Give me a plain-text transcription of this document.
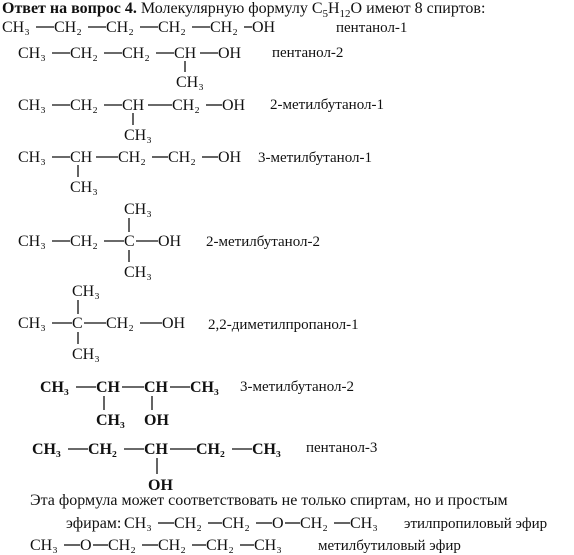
Ответ на вопрос 4. Молекулярную формулу $C_5H_{12}O$ имеют 8 спиртов:
CH₃ CH₂ CH₂ CH₂ CH₂ OH	пентанол-1
CH₃ CH₂ CH₂ CH OH
CH₃
пентанол-2
CH₃ CH₂ CH CH₂ OH
CH₃
2-метилбутанол-1
CH₃ CH CH₂ CH₂ OH
CH₃
3-метилбутанол-1
CH₃
CH₃ CH₂ C OH
CH₃
2-метилбутанол-2
CH₃
CH₃ C CH₂ OH
CH₃
2,2-диметилпропанол-1
CH₃ CH CH CH₃
CH₃ OH
3-метилбутанол-2
CH₃ CH₂ CH CH₂ CH₃
OH
пентанол-3
эфирам: CH₃ CH₂ CH₂ O CH₂ CH₃ этилпропиловый эфир
CH₃ O CH₂ CH₂ CH₂ CH₃ метилбутиловый эфир
Эта формула может соответствовать не только спиртам, но и простым
